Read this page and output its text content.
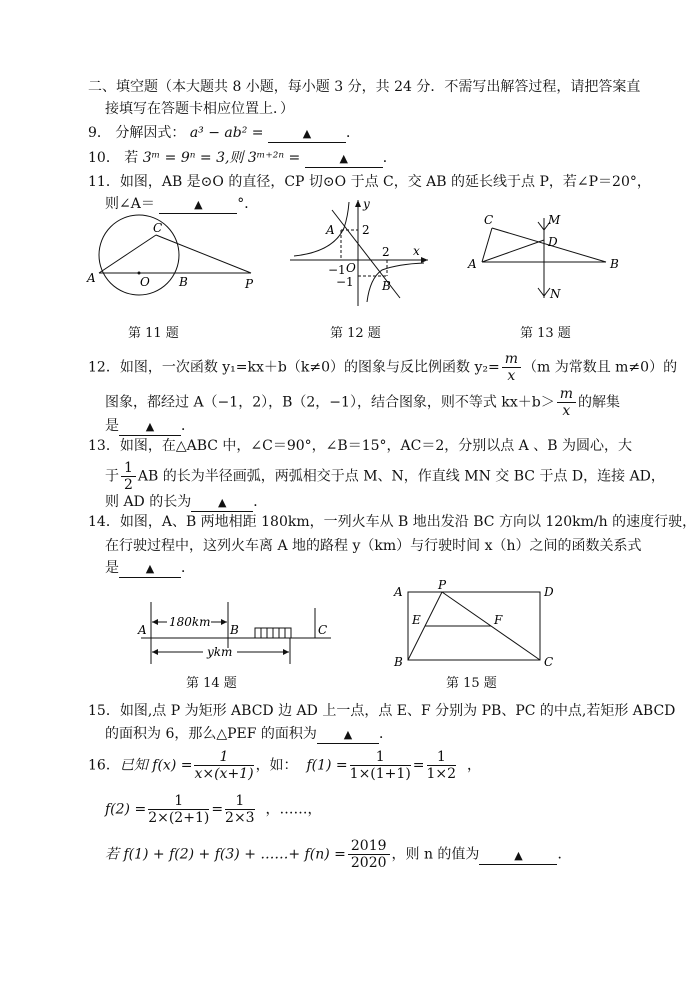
二、填空题（本大题共 8 小题，每小题 3 分，共 24 分．不需写出解答过程，请把答案直
接填写在答题卡相应位置上．）
9． 分解因式： a³ − ab² =	▲ ．
10． 若 3ᵐ = 9ⁿ = 3,则 3ᵐ⁺²ⁿ =	▲ ．
11．如图，AB 是⊙O 的直径，CP 切⊙O 于点 C，交 AB 的延长线于点 P，若∠P＝20°，
则∠A＝	▲ °．
A	O B
C
P
第 11 题
y
x
A 2
O
−1
2
−1 B
第 12 题
C	M
D
A	B
N
第 13 题
12．如图，一次函数 y₁=kx＋b（k≠0）的图象与反比例函数 $y_2= \frac{m}{x} (m$ 为常数且 m≠0）的
图象，都经过 A（−1，2），B（2，−1），结合图象，则不等式 $kx+b> \frac{m}{x}$ 的解集
是 ▲ ．
13．如图，在△ABC 中，∠C＝90°，∠B＝15°，AC＝2，分别以点 A 、B 为圆心，大
于 $\frac{1}{2}$ AB 的长为半径画弧，两弧相交于点 M、N，作直线 MN 交 BC 于点 D，连接 AD，
则 AD 的长为 ▲ ．
14．如图，A、B 两地相距 180km，一列火车从 B 地出发沿 BC 方向以 120km/h 的速度行驶，
在行驶过程中，这列火车离 A 地的路程 y（km）与行驶时间 x（h）之间的函数关系式
是 ▲ ．
A
180km
B	C
ykm
第 14 题
A	P	D
E	F
B	C
第 15 题
15．如图,点 P 为矩形 ABCD 边 AD 上一点，点 E、F 分别为 PB、PC 的中点,若矩形 ABCD
的面积为 6，那么△PEF 的面积为 ▲ ．
16．已知 $f(x) = \frac{1}{x\times(x+1)}$ ，如： $f(1) = \frac{1}{1\times(1+1)} = \frac{1}{1\times 2}$ ，
$f(2) = \frac{1}{2\times(2+1)} = \frac{1}{2\times 3}$ ，……，
若 f(1) + f(2) + f(3) + ……+ $f(n) = \frac{2019}{2020}$ ，则 n 的值为	▲ ．
